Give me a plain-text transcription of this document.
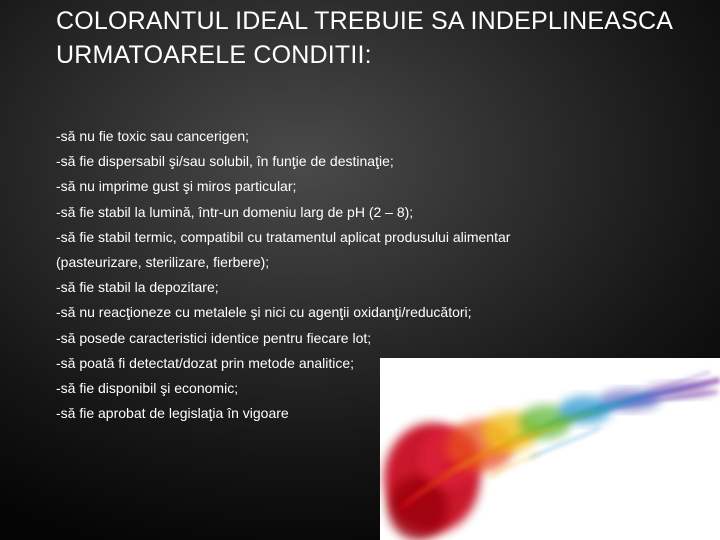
COLORANTUL IDEAL TREBUIE SA INDEPLINEASCA URMATOARELE CONDITII:
-să nu fie toxic sau cancerigen;
-să fie dispersabil şi/sau solubil, în funţie de destinaţie;
-să nu imprime gust şi miros particular;
-să fie stabil la lumină, într-un domeniu larg de pH (2 – 8);
-să fie stabil termic, compatibil cu tratamentul aplicat produsului alimentar
(pasteurizare, sterilizare, fierbere);
-să fie stabil la depozitare;
-să nu reacţioneze cu metalele şi nici cu agenţii oxidanţi/reducători;
-să posede caracteristici identice pentru fiecare lot;
-să poată fi detectat/dozat prin metode analitice;
-să fie disponibil şi economic;
-să fie aprobat de legislaţia în vigoare
